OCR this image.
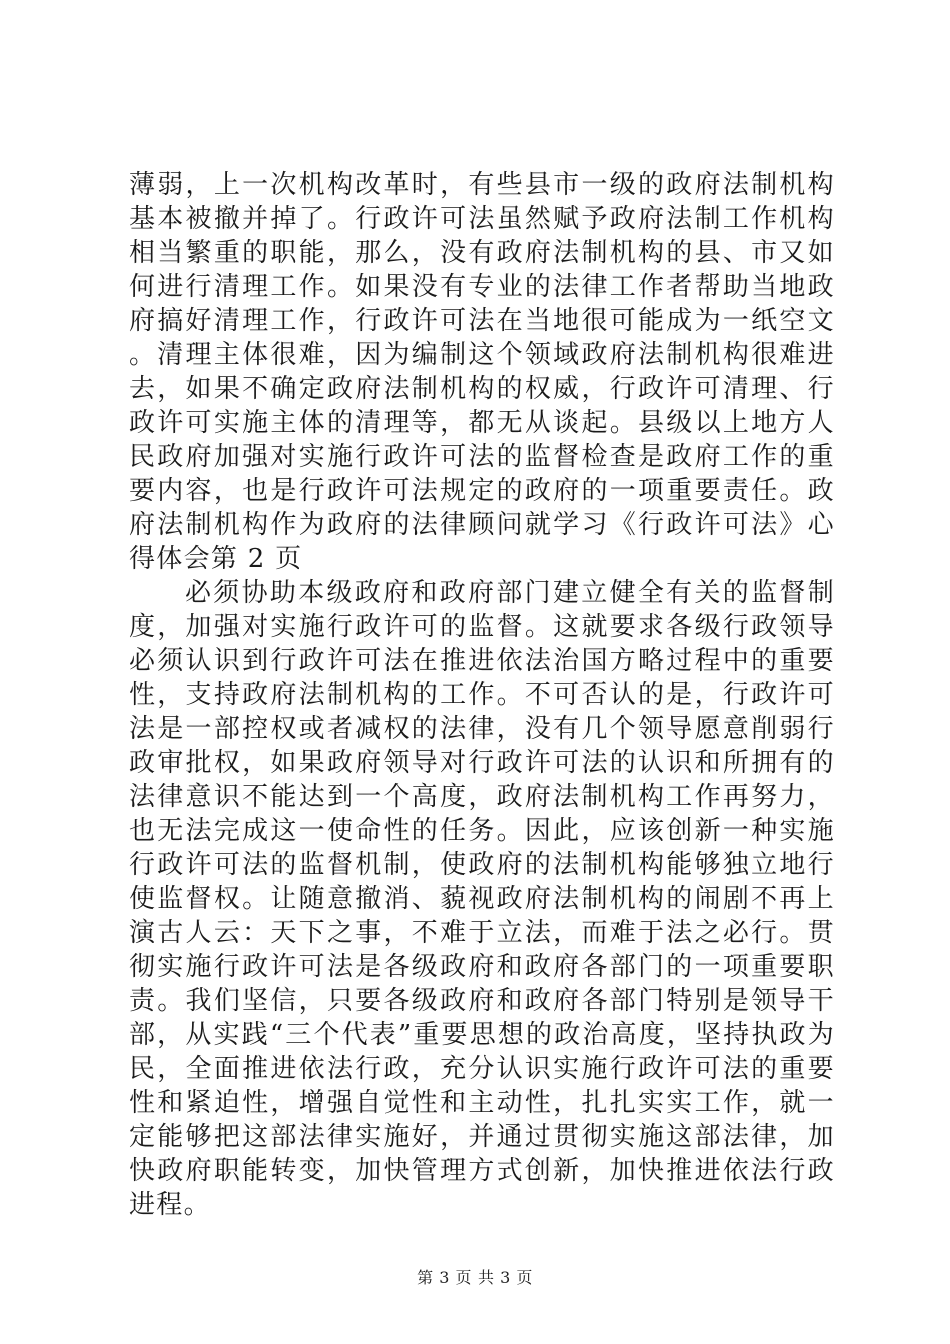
薄弱，上一次机构改革时，有些县市一级的政府法制机构基本被撤并掉了。行政许可法虽然赋予政府法制工作机构相当繁重的职能，那么，没有政府法制机构的县、市又如何进行清理工作。如果没有专业的法律工作者帮助当地政府搞好清理工作，行政许可法在当地很可能成为一纸空文。清理主体很难，因为编制这个领域政府法制机构很难进去，如果不确定政府法制机构的权威，行政许可清理、行政许可实施主体的清理等，都无从谈起。县级以上地方人民政府加强对实施行政许可法的监督检查是政府工作的重要内容，也是行政许可法规定的政府的一项重要责任。政府法制机构作为政府的法律顾问就学习《行政许可法》心得体会第 2 页

必须协助本级政府和政府部门建立健全有关的监督制度，加强对实施行政许可的监督。这就要求各级行政领导必须认识到行政许可法在推进依法治国方略过程中的重要性，支持政府法制机构的工作。不可否认的是，行政许可法是一部控权或者减权的法律，没有几个领导愿意削弱行政审批权，如果政府领导对行政许可法的认识和所拥有的法律意识不能达到一个高度，政府法制机构工作再努力，也无法完成这一使命性的任务。因此，应该创新一种实施行政许可法的监督机制，使政府的法制机构能够独立地行使监督权。让随意撤消、藐视政府法制机构的闹剧不再上演古人云：天下之事，不难于立法，而难于法之必行。贯彻实施行政许可法是各级政府和政府各部门的一项重要职责。我们坚信，只要各级政府和政府各部门特别是领导干部，从实践“三个代表”重要思想的政治高度，坚持执政为民，全面推进依法行政，充分认识实施行政许可法的重要性和紧迫性，增强自觉性和主动性，扎扎实实工作，就一定能够把这部法律实施好，并通过贯彻实施这部法律，加快政府职能转变，加快管理方式创新，加快推进依法行政进程。

第 3 页 共 3 页
